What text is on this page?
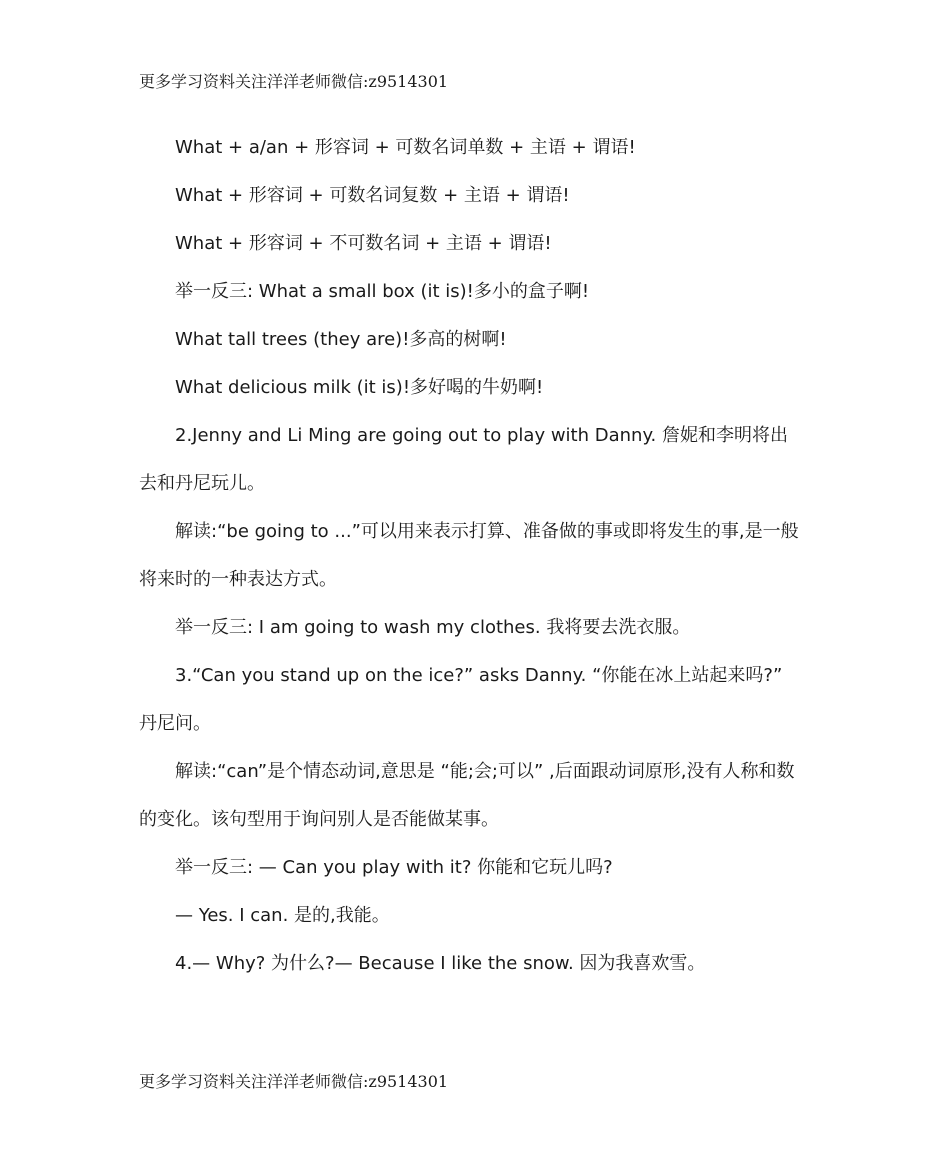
更多学习资料关注洋洋老师微信:z9514301
What + a/an + 形容词 + 可数名词单数 + 主语 + 谓语!
What + 形容词 + 可数名词复数 + 主语 + 谓语!
What + 形容词 + 不可数名词 + 主语 + 谓语!
举一反三: What a small box (it is)!多小的盒子啊!
What tall trees (they are)!多高的树啊!
What delicious milk (it is)!多好喝的牛奶啊!
2.Jenny and Li Ming are going out to play with Danny. 詹妮和李明将出
去和丹尼玩儿。
解读:“be going to ...”可以用来表示打算、准备做的事或即将发生的事,是一般
将来时的一种表达方式。
举一反三: I am going to wash my clothes. 我将要去洗衣服。
3.“Can you stand up on the ice?” asks Danny. “你能在冰上站起来吗?”
丹尼问。
解读:“can”是个情态动词,意思是 “能;会;可以” ,后面跟动词原形,没有人称和数
的变化。该句型用于询问别人是否能做某事。
举一反三: — Can you play with it? 你能和它玩儿吗?
— Yes. I can. 是的,我能。
4.— Why? 为什么?— Because I like the snow. 因为我喜欢雪。
更多学习资料关注洋洋老师微信:z9514301
